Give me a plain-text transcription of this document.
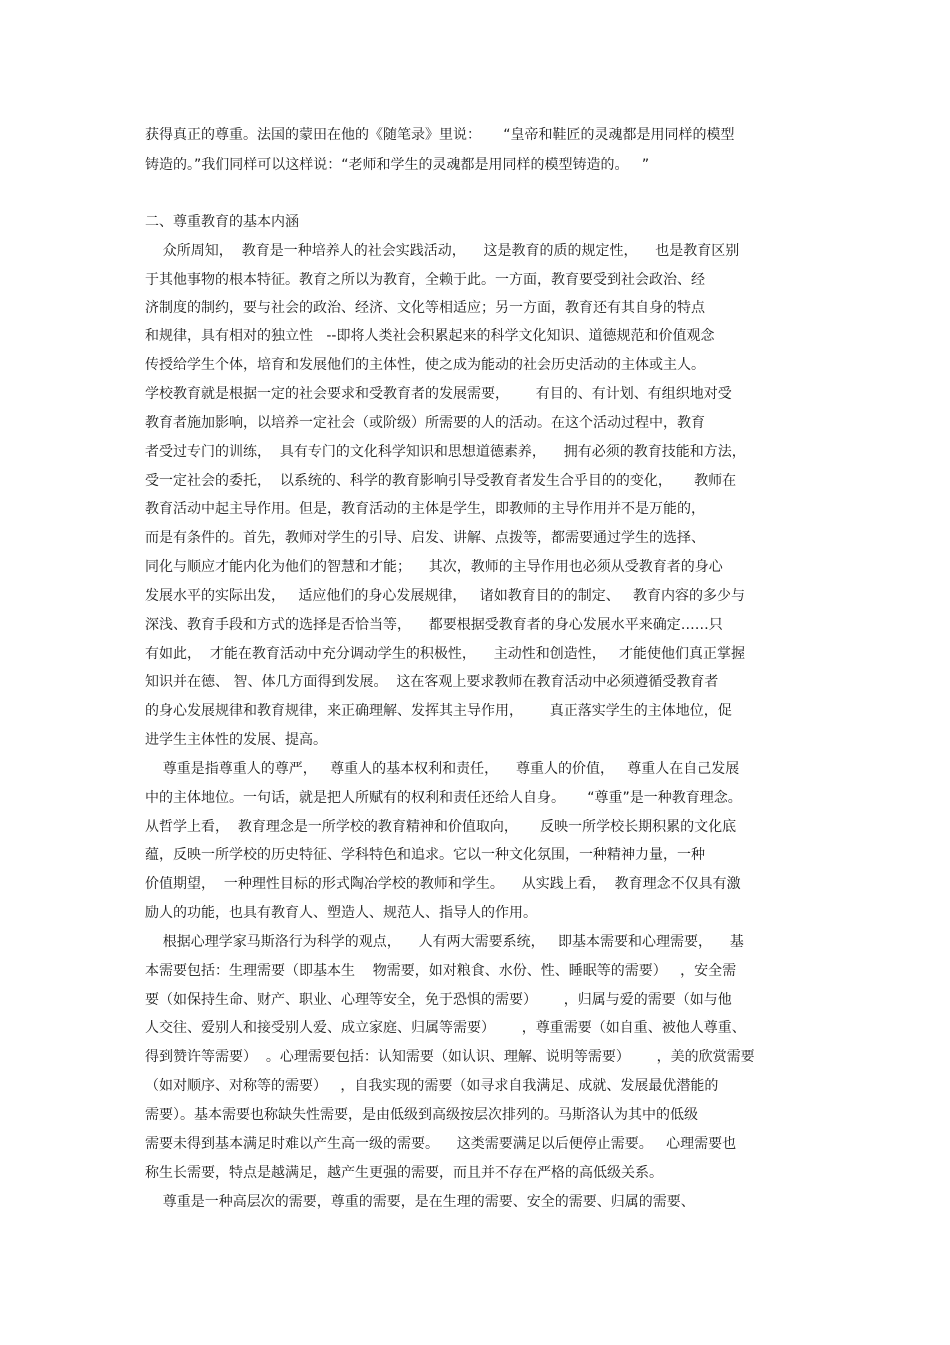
获得真正的尊重。法国的蒙田在他的《随笔录》里说：     “皇帝和鞋匠的灵魂都是用同样的模型
铸造的。”我们同样可以这样说：“老师和学生的灵魂都是用同样的模型铸造的。   ”
二、尊重教育的基本内涵
众所周知，  教育是一种培养人的社会实践活动，    这是教育的质的规定性，    也是教育区别
于其他事物的根本特征。教育之所以为教育，全赖于此。一方面，教育要受到社会政治、经
济制度的制约，要与社会的政治、经济、文化等相适应；另一方面，教育还有其自身的特点
和规律，具有相对的独立性   --即将人类社会积累起来的科学文化知识、道德规范和价值观念
传授给学生个体，培育和发展他们的主体性，使之成为能动的社会历史活动的主体或主人。
学校教育就是根据一定的社会要求和受教育者的发展需要，      有目的、有计划、有组织地对受
教育者施加影响，以培养一定社会（或阶级）所需要的人的活动。在这个活动过程中，教育
者受过专门的训练，  具有专门的文化科学知识和思想道德素养，    拥有必须的教育技能和方法，
受一定社会的委托，  以系统的、科学的教育影响引导受教育者发生合乎目的的变化，     教师在
教育活动中起主导作用。但是，教育活动的主体是学生，即教师的主导作用并不是万能的，
而是有条件的。首先，教师对学生的引导、启发、讲解、点拨等，都需要通过学生的选择、
同化与顺应才能内化为他们的智慧和才能；    其次，教师的主导作用也必须从受教育者的身心
发展水平的实际出发，   适应他们的身心发展规律，   诸如教育目的的制定、   教育内容的多少与
深浅、教育手段和方式的选择是否恰当等，    都要根据受教育者的身心发展水平来确定……只
有如此，  才能在教育活动中充分调动学生的积极性，    主动性和创造性，   才能使他们真正掌握
知识并在德、 智、体几方面得到发展。  这在客观上要求教师在教育活动中必须遵循受教育者
的身心发展规律和教育规律，来正确理解、发挥其主导作用，      真正落实学生的主体地位，促
进学生主体性的发展、提高。
尊重是指尊重人的尊严，   尊重人的基本权利和责任，    尊重人的价值，   尊重人在自己发展
中的主体地位。一句话，就是把人所赋有的权利和责任还给人自身。     “尊重”是一种教育理念。
从哲学上看，  教育理念是一所学校的教育精神和价值取向，     反映一所学校长期积累的文化底
蕴，反映一所学校的历史特征、学科特色和追求。它以一种文化氛围，一种精神力量，一种
价值期望，  一种理性目标的形式陶冶学校的教师和学生。    从实践上看，  教育理念不仅具有激
励人的功能，也具有教育人、塑造人、规范人、指导人的作用。
根据心理学家马斯洛行为科学的观点，    人有两大需要系统，   即基本需要和心理需要，    基
本需要包括：生理需要（即基本生    物需要，如对粮食、水份、性、睡眠等的需要）   ，安全需
要（如保持生命、财产、职业、心理等安全，免于恐惧的需要）      ，归属与爱的需要（如与他
人交往、爱别人和接受别人爱、成立家庭、归属等需要）      ，尊重需要（如自重、被他人尊重、
得到赞许等需要）  。心理需要包括：认知需要（如认识、理解、说明等需要）      ，美的欣赏需要
（如对顺序、对称等的需要）   ，自我实现的需要（如寻求自我满足、成就、发展最优潜能的
需要）。基本需要也称缺失性需要，是由低级到高级按层次排列的。马斯洛认为其中的低级
需要未得到基本满足时难以产生高一级的需要。    这类需要满足以后便停止需要。   心理需要也
称生长需要，特点是越满足，越产生更强的需要，而且并不存在严格的高低级关系。
尊重是一种高层次的需要，尊重的需要，是在生理的需要、安全的需要、归属的需要、
